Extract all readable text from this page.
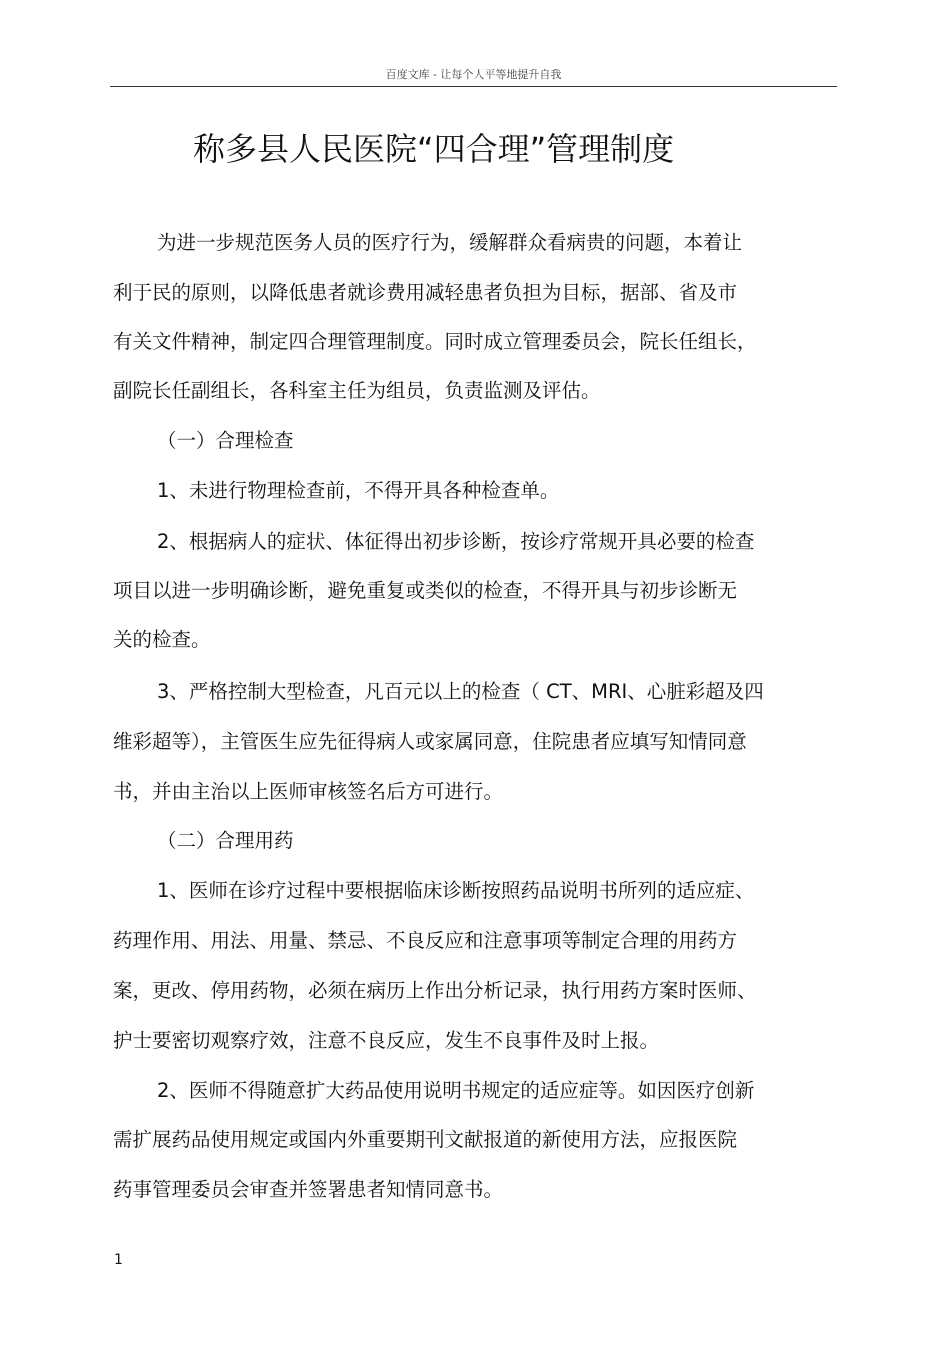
百度文库 - 让每个人平等地提升自我
称多县人民医院“四合理”管理制度
为进一步规范医务人员的医疗行为，缓解群众看病贵的问题，本着让
利于民的原则，以降低患者就诊费用减轻患者负担为目标，据部、省及市
有关文件精神，制定四合理管理制度。同时成立管理委员会，院长任组长，
副院长任副组长，各科室主任为组员，负责监测及评估。
（一）合理检查
1、未进行物理检查前，不得开具各种检查单。
2、根据病人的症状、体征得出初步诊断，按诊疗常规开具必要的检查
项目以进一步明确诊断，避免重复或类似的检查，不得开具与初步诊断无
关的检查。
3、严格控制大型检查，凡百元以上的检查（ CT、MRI、心脏彩超及四
维彩超等），主管医生应先征得病人或家属同意，住院患者应填写知情同意
书，并由主治以上医师审核签名后方可进行。
（二）合理用药
1、医师在诊疗过程中要根据临床诊断按照药品说明书所列的适应症、
药理作用、用法、用量、禁忌、不良反应和注意事项等制定合理的用药方
案，更改、停用药物，必须在病历上作出分析记录，执行用药方案时医师、
护士要密切观察疗效，注意不良反应，发生不良事件及时上报。
2、医师不得随意扩大药品使用说明书规定的适应症等。如因医疗创新
需扩展药品使用规定或国内外重要期刊文献报道的新使用方法，应报医院
药事管理委员会审查并签署患者知情同意书。
1
